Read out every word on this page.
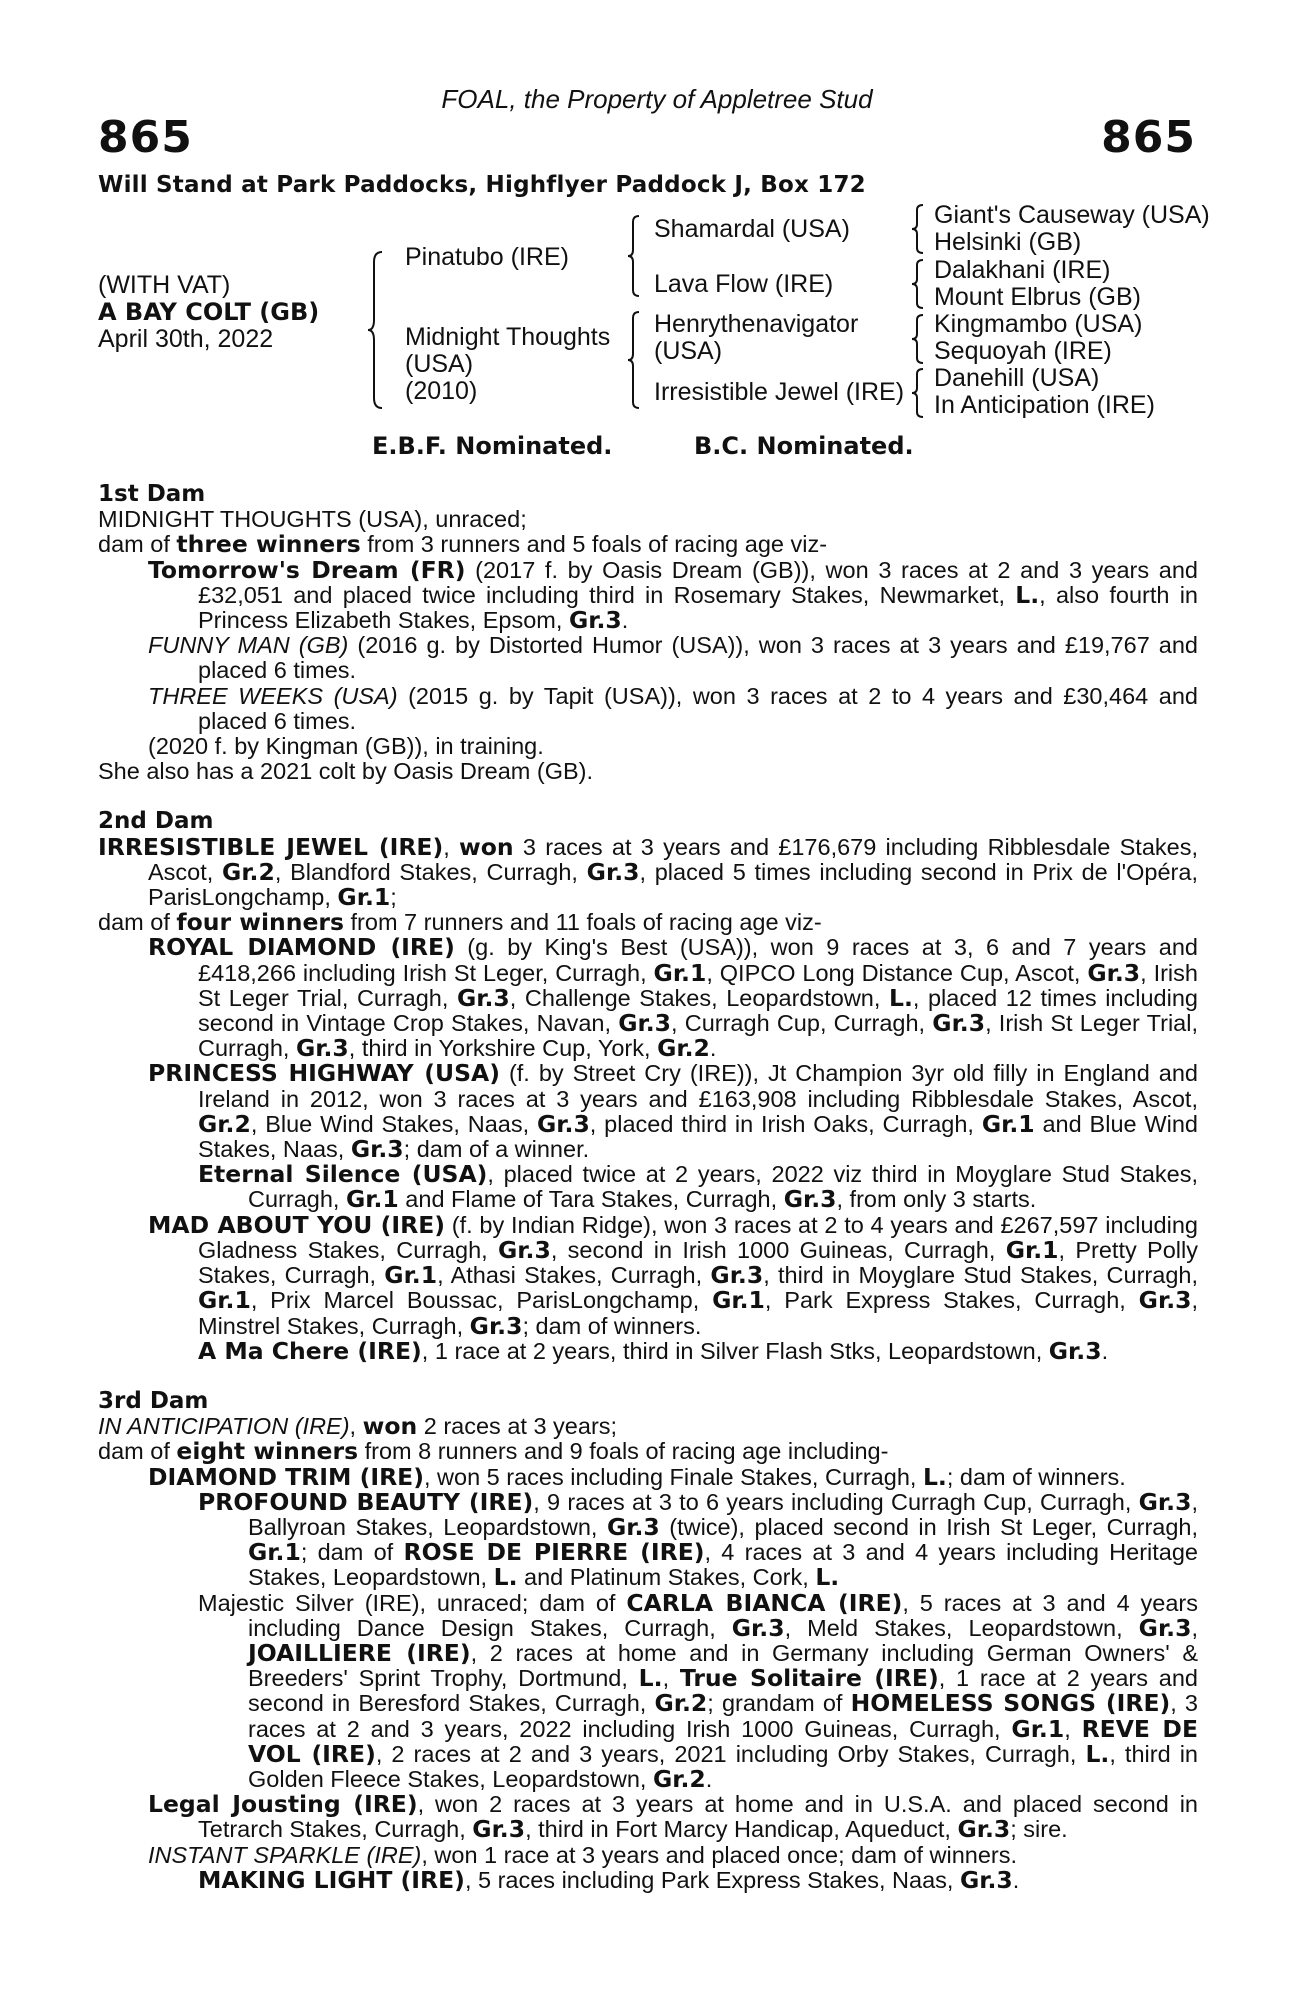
FOAL, the Property of Appletree Stud
865	865
Will Stand at Park Paddocks, Highflyer Paddock J, Box 172
(WITH VAT)
A BAY COLT (GB)
April 30th, 2022
Pinatubo (IRE)
Midnight Thoughts
(USA)
(2010)
Shamardal (USA)
Lava Flow (IRE)
Henrythenavigator
(USA)
Irresistible Jewel (IRE)
Giant's Causeway (USA)
Helsinki (GB)
Dalakhani (IRE)
Mount Elbrus (GB)
Kingmambo (USA)
Sequoyah (IRE)
Danehill (USA)
In Anticipation (IRE)
E.B.F. Nominated.	B.C. Nominated.
1st Dam
MIDNIGHT THOUGHTS (USA), unraced;
dam of three winners from 3 runners and 5 foals of racing age viz-
Tomorrow's Dream (FR) (2017 f. by Oasis Dream (GB)), won 3 races at 2 and 3 years and £32,051 and placed twice including third in Rosemary Stakes, Newmarket, L., also fourth in Princess Elizabeth Stakes, Epsom, Gr.3.
FUNNY MAN (GB) (2016 g. by Distorted Humor (USA)), won 3 races at 3 years and £19,767 and placed 6 times.
THREE WEEKS (USA) (2015 g. by Tapit (USA)), won 3 races at 2 to 4 years and £30,464 and placed 6 times.
(2020 f. by Kingman (GB)), in training.
She also has a 2021 colt by Oasis Dream (GB).
2nd Dam
IRRESISTIBLE JEWEL (IRE), won 3 races at 3 years and £176,679 including Ribblesdale Stakes, Ascot, Gr.2, Blandford Stakes, Curragh, Gr.3, placed 5 times including second in Prix de l'Opéra, ParisLongchamp, Gr.1;
dam of four winners from 7 runners and 11 foals of racing age viz-
ROYAL DIAMOND (IRE) (g. by King's Best (USA)), won 9 races at 3, 6 and 7 years and £418,266 including Irish St Leger, Curragh, Gr.1, QIPCO Long Distance Cup, Ascot, Gr.3, Irish St Leger Trial, Curragh, Gr.3, Challenge Stakes, Leopardstown, L., placed 12 times including second in Vintage Crop Stakes, Navan, Gr.3, Curragh Cup, Curragh, Gr.3, Irish St Leger Trial, Curragh, Gr.3, third in Yorkshire Cup, York, Gr.2.
PRINCESS HIGHWAY (USA) (f. by Street Cry (IRE)), Jt Champion 3yr old filly in England and Ireland in 2012, won 3 races at 3 years and £163,908 including Ribblesdale Stakes, Ascot, Gr.2, Blue Wind Stakes, Naas, Gr.3, placed third in Irish Oaks, Curragh, Gr.1 and Blue Wind Stakes, Naas, Gr.3; dam of a winner.
Eternal Silence (USA), placed twice at 2 years, 2022 viz third in Moyglare Stud Stakes, Curragh, Gr.1 and Flame of Tara Stakes, Curragh, Gr.3, from only 3 starts.
MAD ABOUT YOU (IRE) (f. by Indian Ridge), won 3 races at 2 to 4 years and £267,597 including Gladness Stakes, Curragh, Gr.3, second in Irish 1000 Guineas, Curragh, Gr.1, Pretty Polly Stakes, Curragh, Gr.1, Athasi Stakes, Curragh, Gr.3, third in Moyglare Stud Stakes, Curragh, Gr.1, Prix Marcel Boussac, ParisLongchamp, Gr.1, Park Express Stakes, Curragh, Gr.3, Minstrel Stakes, Curragh, Gr.3; dam of winners.
A Ma Chere (IRE), 1 race at 2 years, third in Silver Flash Stks, Leopardstown, Gr.3.
3rd Dam
IN ANTICIPATION (IRE), won 2 races at 3 years;
dam of eight winners from 8 runners and 9 foals of racing age including-
DIAMOND TRIM (IRE), won 5 races including Finale Stakes, Curragh, L.; dam of winners.
PROFOUND BEAUTY (IRE), 9 races at 3 to 6 years including Curragh Cup, Curragh, Gr.3, Ballyroan Stakes, Leopardstown, Gr.3 (twice), placed second in Irish St Leger, Curragh, Gr.1; dam of ROSE DE PIERRE (IRE), 4 races at 3 and 4 years including Heritage Stakes, Leopardstown, L. and Platinum Stakes, Cork, L.
Majestic Silver (IRE), unraced; dam of CARLA BIANCA (IRE), 5 races at 3 and 4 years including Dance Design Stakes, Curragh, Gr.3, Meld Stakes, Leopardstown, Gr.3, JOAILLIERE (IRE), 2 races at home and in Germany including German Owners' & Breeders' Sprint Trophy, Dortmund, L., True Solitaire (IRE), 1 race at 2 years and second in Beresford Stakes, Curragh, Gr.2; grandam of HOMELESS SONGS (IRE), 3 races at 2 and 3 years, 2022 including Irish 1000 Guineas, Curragh, Gr.1, REVE DE VOL (IRE), 2 races at 2 and 3 years, 2021 including Orby Stakes, Curragh, L., third in Golden Fleece Stakes, Leopardstown, Gr.2.
Legal Jousting (IRE), won 2 races at 3 years at home and in U.S.A. and placed second in Tetrarch Stakes, Curragh, Gr.3, third in Fort Marcy Handicap, Aqueduct, Gr.3; sire.
INSTANT SPARKLE (IRE), won 1 race at 3 years and placed once; dam of winners.
MAKING LIGHT (IRE), 5 races including Park Express Stakes, Naas, Gr.3.
